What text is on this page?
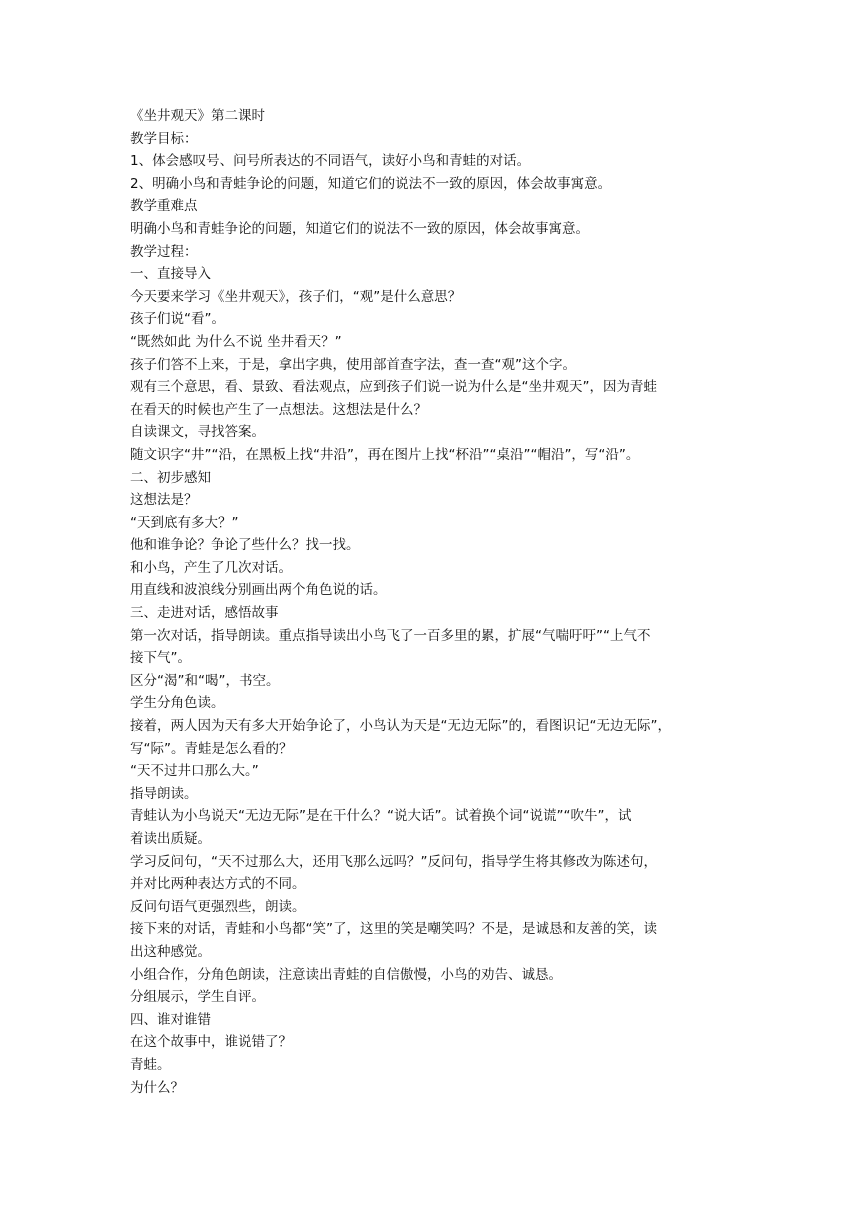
《坐井观天》第二课时
教学目标：
1、体会感叹号、问号所表达的不同语气，读好小鸟和青蛙的对话。
2、明确小鸟和青蛙争论的问题，知道它们的说法不一致的原因，体会故事寓意。
教学重难点
明确小鸟和青蛙争论的问题，知道它们的说法不一致的原因，体会故事寓意。
教学过程：
一、直接导入
今天要来学习《坐井观天》，孩子们，“观”是什么意思？
孩子们说“看”。
“既然如此 为什么不说 坐井看天？”
孩子们答不上来，于是，拿出字典，使用部首查字法，查一查“观”这个字。
观有三个意思，看、景致、看法观点，应到孩子们说一说为什么是“坐井观天”，因为青蛙
在看天的时候也产生了一点想法。这想法是什么？
自读课文，寻找答案。
随文识字“井”“沿，在黑板上找“井沿”，再在图片上找“杯沿”“桌沿”“帽沿”，写“沿”。
二、初步感知
这想法是？
“天到底有多大？”
他和谁争论？争论了些什么？找一找。
和小鸟，产生了几次对话。
用直线和波浪线分别画出两个角色说的话。
三、走进对话，感悟故事
第一次对话，指导朗读。重点指导读出小鸟飞了一百多里的累，扩展“气喘吁吁”“上气不
接下气”。
区分“渴”和“喝”，书空。
学生分角色读。
接着，两人因为天有多大开始争论了，小鸟认为天是“无边无际”的，看图识记“无边无际”，
写“际”。青蛙是怎么看的？
“天不过井口那么大。”
指导朗读。
青蛙认为小鸟说天“无边无际”是在干什么？“说大话”。试着换个词“说谎”“吹牛”，试
着读出质疑。
学习反问句，“天不过那么大，还用飞那么远吗？”反问句，指导学生将其修改为陈述句，
并对比两种表达方式的不同。
反问句语气更强烈些，朗读。
接下来的对话，青蛙和小鸟都“笑”了，这里的笑是嘲笑吗？不是，是诚恳和友善的笑，读
出这种感觉。
小组合作，分角色朗读，注意读出青蛙的自信傲慢，小鸟的劝告、诚恳。
分组展示，学生自评。
四、谁对谁错
在这个故事中，谁说错了？
青蛙。
为什么？
